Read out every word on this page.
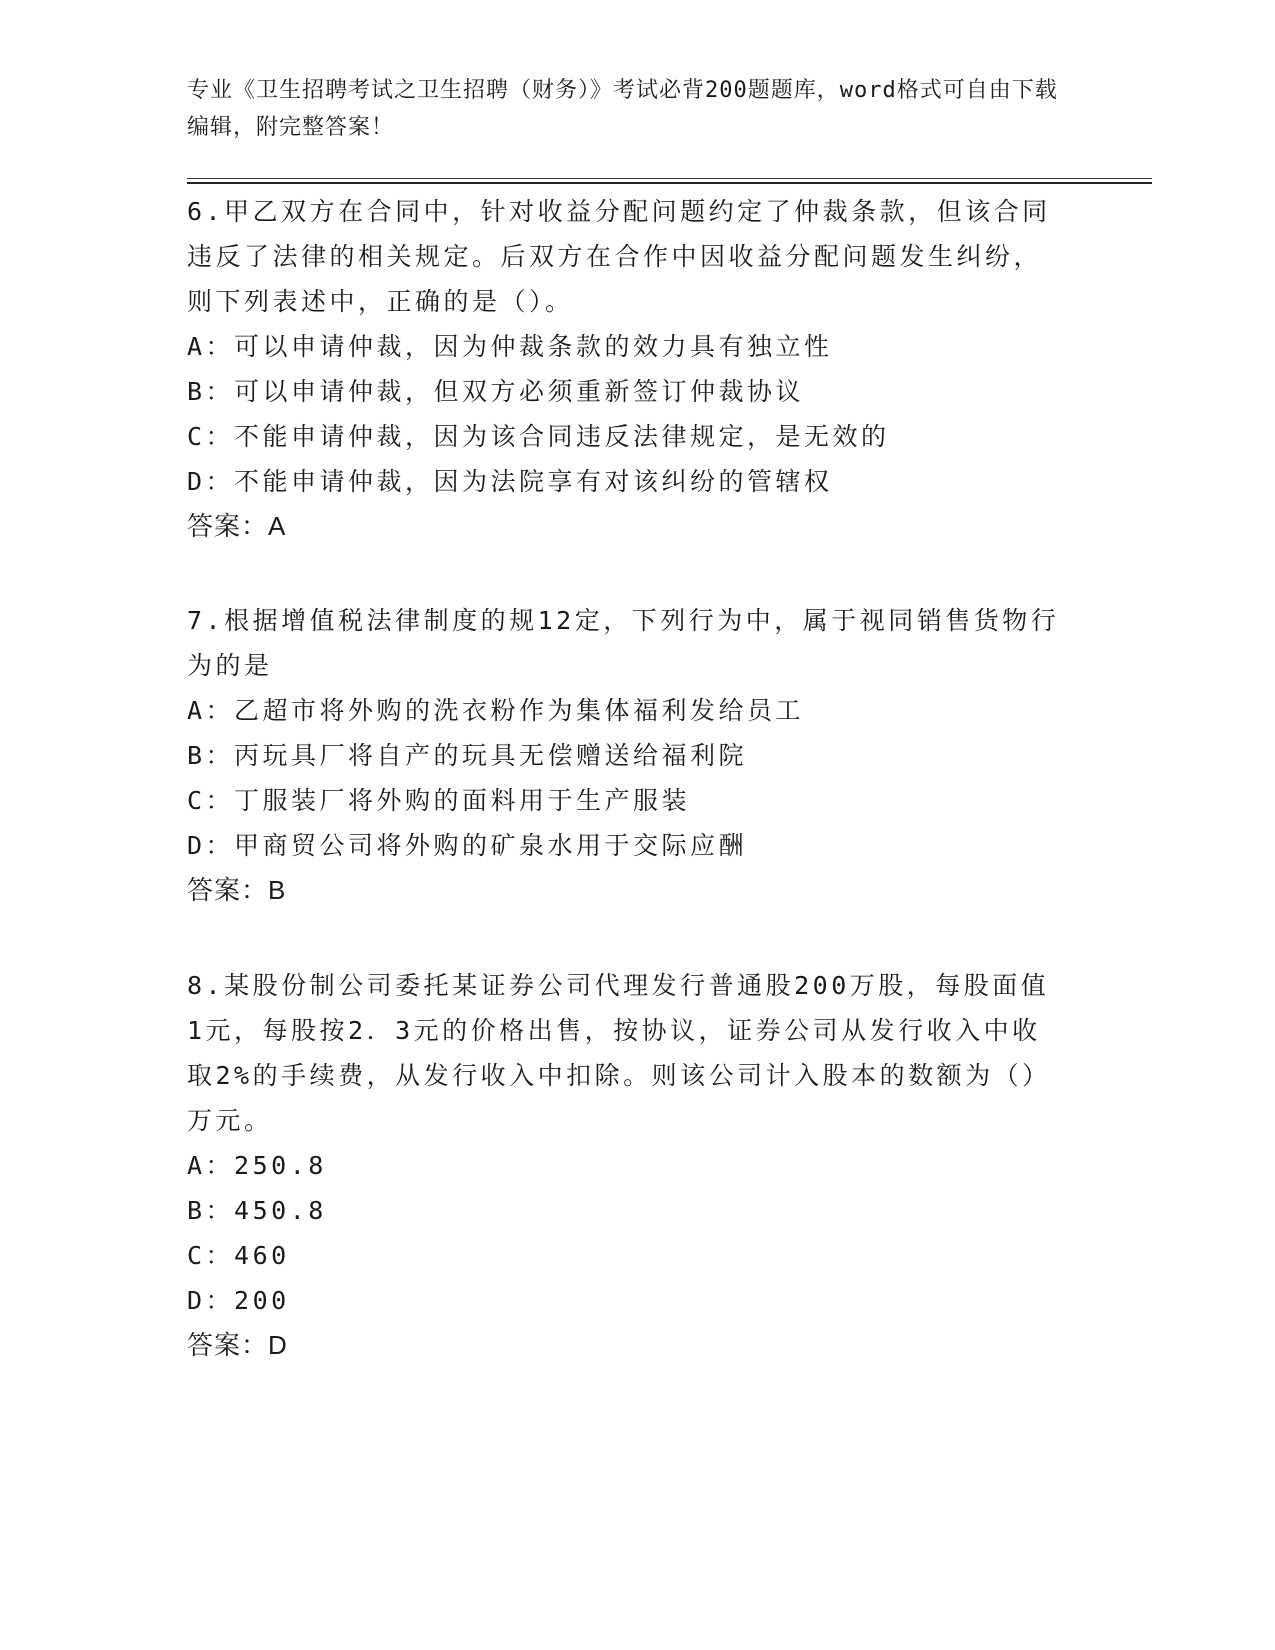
专业《卫生招聘考试之卫生招聘（财务）》考试必背200题题库，word格式可自由下载编辑，附完整答案！
6.甲乙双方在合同中，针对收益分配问题约定了仲裁条款，但该合同违反了法律的相关规定。后双方在合作中因收益分配问题发生纠纷，则下列表述中，正确的是（）。
A：可以申请仲裁，因为仲裁条款的效力具有独立性
B：可以申请仲裁，但双方必须重新签订仲裁协议
C：不能申请仲裁，因为该合同违反法律规定，是无效的
D：不能申请仲裁，因为法院享有对该纠纷的管辖权
答案：A
7.根据增值税法律制度的规12定，下列行为中，属于视同销售货物行为的是
A：乙超市将外购的洗衣粉作为集体福利发给员工
B：丙玩具厂将自产的玩具无偿赠送给福利院
C：丁服装厂将外购的面料用于生产服装
D：甲商贸公司将外购的矿泉水用于交际应酬
答案：B
8.某股份制公司委托某证券公司代理发行普通股200万股，每股面值1元，每股按2．3元的价格出售，按协议，证券公司从发行收入中收取2%的手续费，从发行收入中扣除。则该公司计入股本的数额为（）万元。
A：250.8
B：450.8
C：460
D：200
答案：D
